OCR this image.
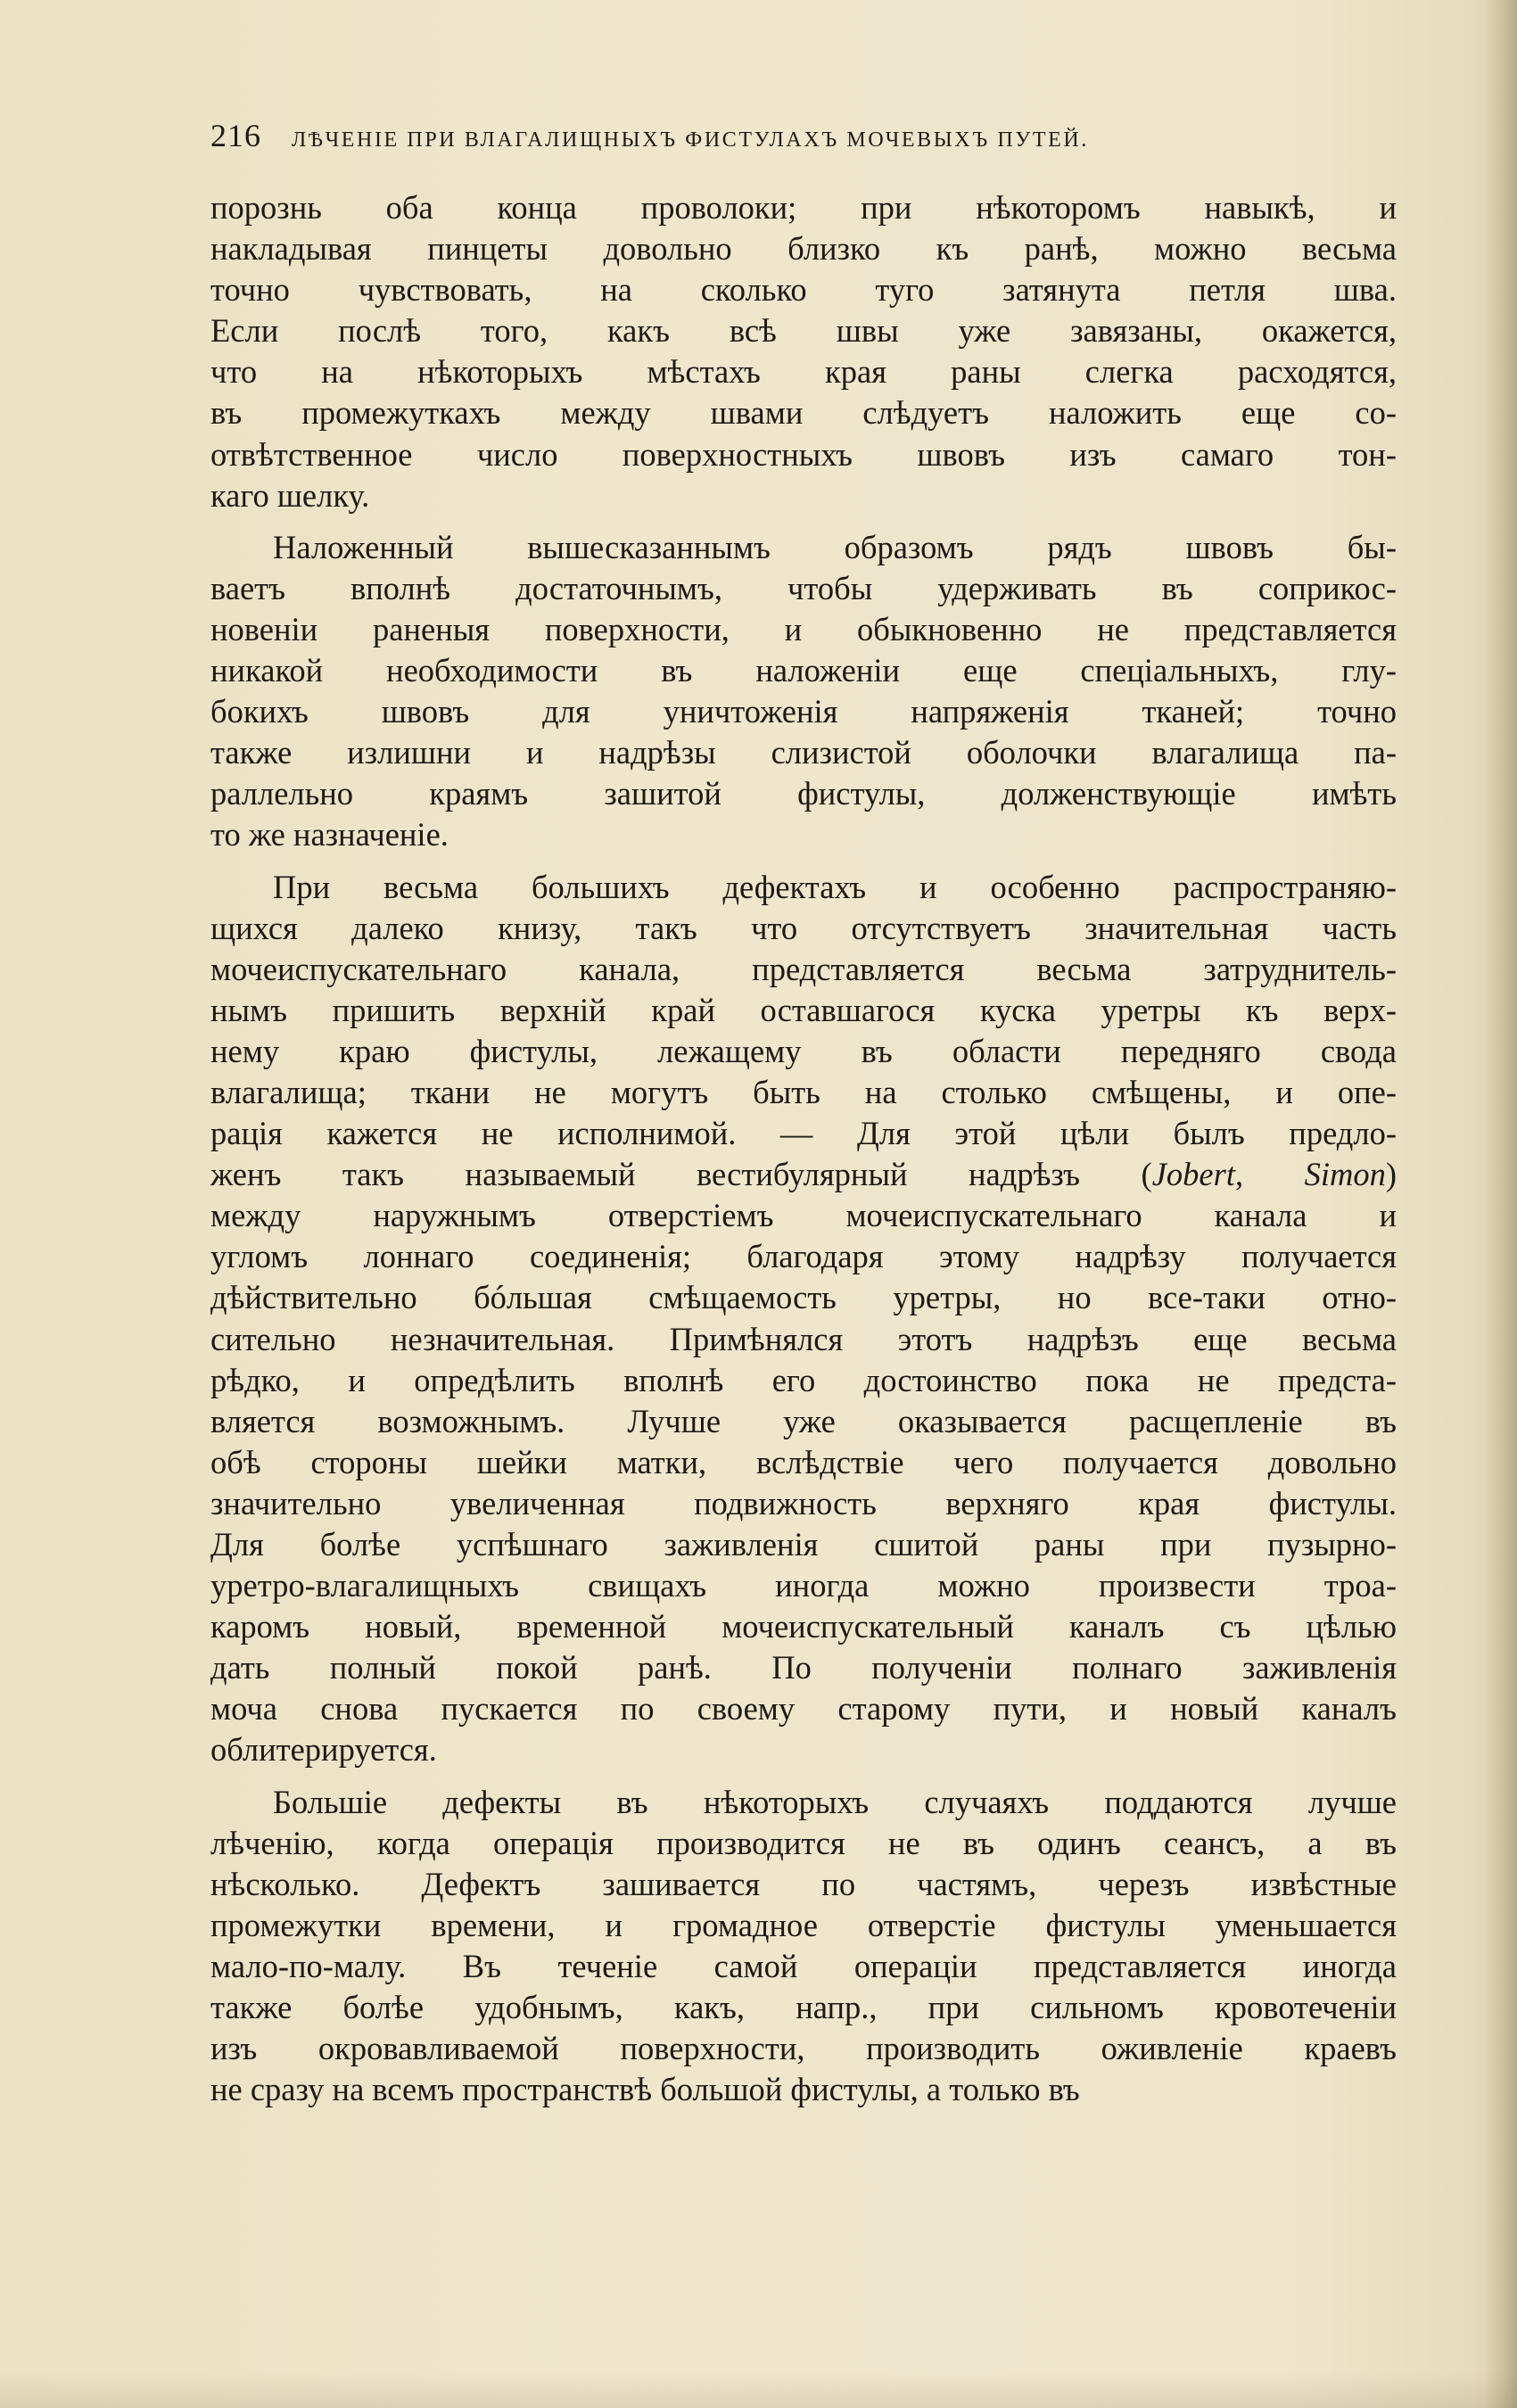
216 ЛѢЧЕНІЕ ПРИ ВЛАГАЛИЩНЫХЪ ФИСТУЛАХЪ МОЧЕВЫХЪ ПУТЕЙ.
порознь оба конца проволоки; при нѣкоторомъ навыкѣ, и
накладывая пинцеты довольно близко къ ранѣ, можно весьма
точно чувствовать, на сколько туго затянута петля шва.
Если послѣ того, какъ всѣ швы уже завязаны, окажется,
что на нѣкоторыхъ мѣстахъ края раны слегка расходятся,
въ промежуткахъ между швами слѣдуетъ наложить еще со-
отвѣтственное число поверхностныхъ швовъ изъ самаго тон-
каго шелку.
Наложенный вышесказаннымъ образомъ рядъ швовъ бы-
ваетъ вполнѣ достаточнымъ, чтобы удерживать въ соприкос-
новеніи раненыя поверхности, и обыкновенно не представляется
никакой необходимости въ наложеніи еще спеціальныхъ, глу-
бокихъ швовъ для уничтоженія напряженія тканей; точно
также излишни и надрѣзы слизистой оболочки влагалища па-
раллельно краямъ зашитой фистулы, долженствующіе имѣть
то же назначеніе.
При весьма большихъ дефектахъ и особенно распространяю-
щихся далеко книзу, такъ что отсутствуетъ значительная часть
мочеиспускательнаго канала, представляется весьма затруднитель-
нымъ пришить верхній край оставшагося куска уретры къ верх-
нему краю фистулы, лежащему въ области передняго свода
влагалища; ткани не могутъ быть на столько смѣщены, и опе-
рація кажется не исполнимой. — Для этой цѣли былъ предло-
женъ такъ называемый вестибулярный надрѣзъ (Jobert, Simon)
между наружнымъ отверстіемъ мочеиспускательнаго канала и
угломъ лоннаго соединенія; благодаря этому надрѣзу получается
дѣйствительно бóльшая смѣщаемость уретры, но все-таки отно-
сительно незначительная. Примѣнялся этотъ надрѣзъ еще весьма
рѣдко, и опредѣлить вполнѣ его достоинство пока не предста-
вляется возможнымъ. Лучше уже оказывается расщепленіе въ
обѣ стороны шейки матки, вслѣдствіе чего получается довольно
значительно увеличенная подвижность верхняго края фистулы.
Для болѣе успѣшнаго заживленія сшитой раны при пузырно-
уретро-влагалищныхъ свищахъ иногда можно произвести троа-
каромъ новый, временной мочеиспускательный каналъ съ цѣлью
дать полный покой ранѣ. По полученіи полнаго заживленія
моча снова пускается по своему старому пути, и новый каналъ
облитерируется.
Большіе дефекты въ нѣкоторыхъ случаяхъ поддаются лучше
лѣченію, когда операція производится не въ одинъ сеансъ, а въ
нѣсколько. Дефектъ зашивается по частямъ, черезъ извѣстные
промежутки времени, и громадное отверстіе фистулы уменьшается
мало-по-малу. Въ теченіе самой операціи представляется иногда
также болѣе удобнымъ, какъ, напр., при сильномъ кровотеченіи
изъ окровавливаемой поверхности, производить оживленіе краевъ
не сразу на всемъ пространствѣ большой фистулы, а только въ
